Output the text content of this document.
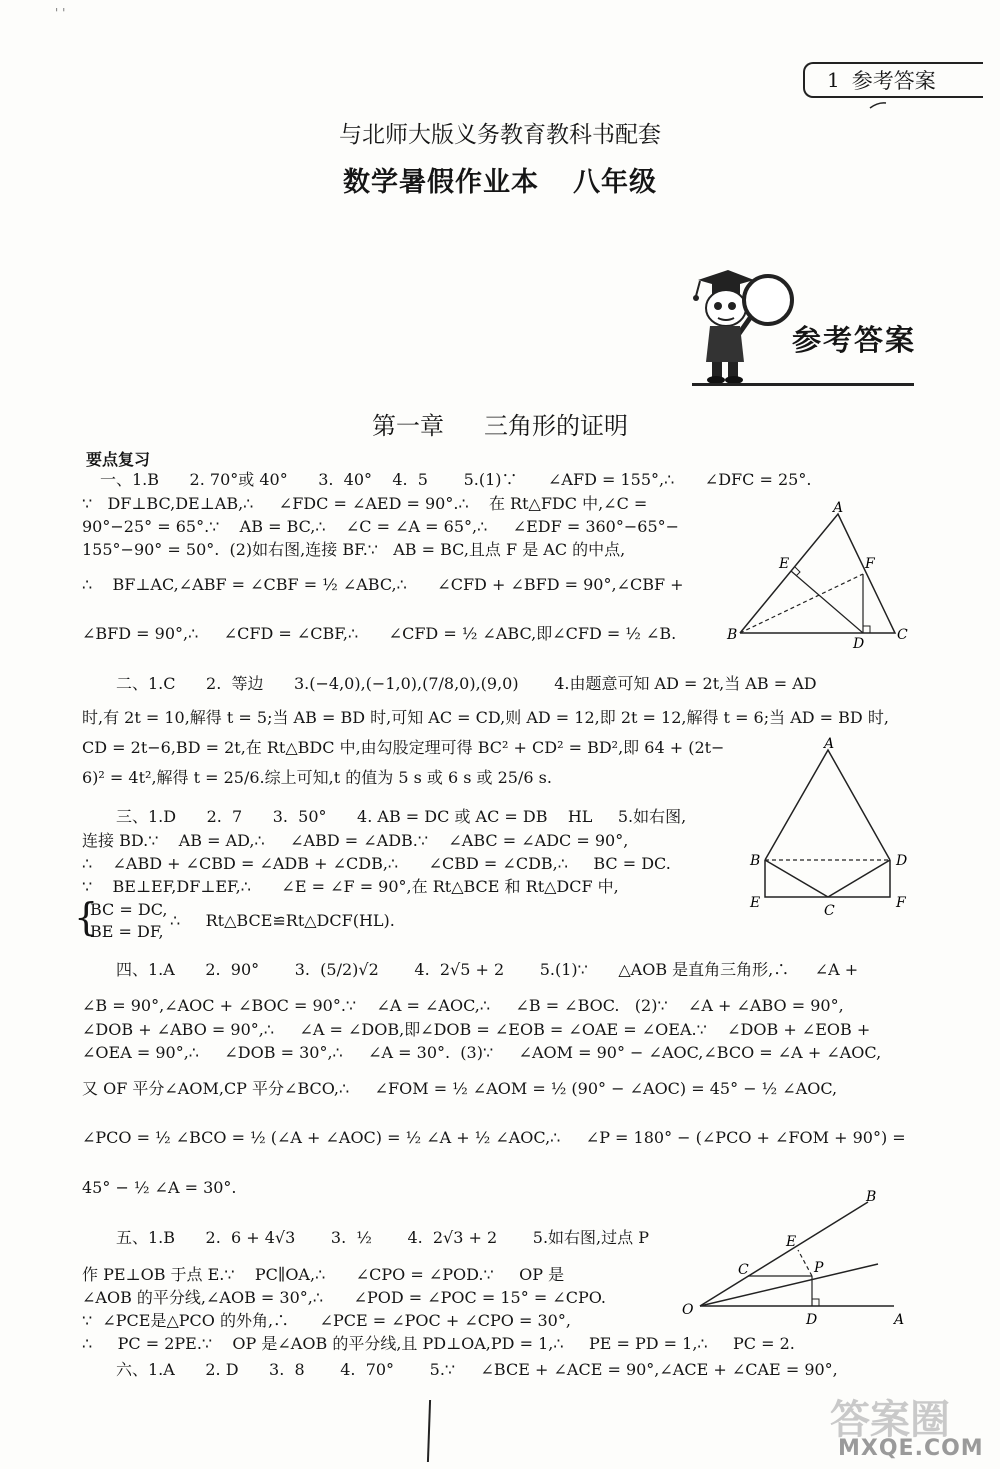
' '
1 参考答案
与北师大版义务教育教科书配套
数学暑假作业本 八年级
参考答案
第一章 三角形的证明
要点复习
一、1.B      2. 70°或 40°      3.  40°    4.  5       5.(1)∵      ∠AFD = 155°,∴      ∠DFC = 25°.
∵   DF⊥BC,DE⊥AB,∴     ∠FDC = ∠AED = 90°.∴    在 Rt△FDC 中,∠C =
90°−25° = 65°.∵    AB = BC,∴    ∠C = ∠A = 65°,∴     ∠EDF = 360°−65°−
155°−90° = 50°.  (2)如右图,连接 BF.∵   AB = BC,且点 F 是 AC 的中点,
∴    BF⊥AC,∠ABF = ∠CBF = ½ ∠ABC,∴      ∠CFD + ∠BFD = 90°,∠CBF +
∠BFD = 90°,∴     ∠CFD = ∠CBF,∴      ∠CFD = ½ ∠ABC,即∠CFD = ½ ∠B.
二、1.C      2.  等边      3.(−4,0),(−1,0),(7/8,0),(9,0)       4.由题意可知 AD = 2t,当 AB = AD
时,有 2t = 10,解得 t = 5;当 AB = BD 时,可知 AC = CD,则 AD = 12,即 2t = 12,解得 t = 6;当 AD = BD 时,
CD = 2t−6,BD = 2t,在 Rt△BDC 中,由勾股定理可得 BC² + CD² = BD²,即 64 + (2t−
6)² = 4t²,解得 t = 25/6.综上可知,t 的值为 5 s 或 6 s 或 25/6 s.
三、1.D      2.  7      3.  50°      4. AB = DC 或 AC = DB    HL     5.如右图,
连接 BD.∵    AB = AD,∴     ∠ABD = ∠ADB.∵    ∠ABC = ∠ADC = 90°,
∴    ∠ABD + ∠CBD = ∠ADB + ∠CDB,∴      ∠CBD = ∠CDB,∴     BC = DC.
∵    BE⊥EF,DF⊥EF,∴      ∠E = ∠F = 90°,在 Rt△BCE 和 Rt△DCF 中,
{
BC = DC,
BE = DF,
∴     Rt△BCE≌Rt△DCF(HL).
四、1.A      2.  90°       3.  (5/2)√2       4.  2√5 + 2       5.(1)∵      △AOB 是直角三角形,∴     ∠A +
∠B = 90°,∠AOC + ∠BOC = 90°.∵    ∠A = ∠AOC,∴     ∠B = ∠BOC.   (2)∵    ∠A + ∠ABO = 90°,
∠DOB + ∠ABO = 90°,∴     ∠A = ∠DOB,即∠DOB = ∠EOB = ∠OAE = ∠OEA.∵    ∠DOB + ∠EOB +
∠OEA = 90°,∴     ∠DOB = 30°,∴     ∠A = 30°.  (3)∵     ∠AOM = 90° − ∠AOC,∠BCO = ∠A + ∠AOC,
又 OF 平分∠AOM,CP 平分∠BCO,∴     ∠FOM = ½ ∠AOM = ½ (90° − ∠AOC) = 45° − ½ ∠AOC,
∠PCO = ½ ∠BCO = ½ (∠A + ∠AOC) = ½ ∠A + ½ ∠AOC,∴     ∠P = 180° − (∠PCO + ∠FOM + 90°) =
45° − ½ ∠A = 30°.
五、1.B      2.  6 + 4√3       3.  ½       4.  2√3 + 2       5.如右图,过点 P
作 PE⊥OB 于点 E.∵    PC∥OA,∴      ∠CPO = ∠POD.∵     OP 是
∠AOB 的平分线,∠AOB = 30°,∴      ∠POD = ∠POC = 15° = ∠CPO.
∵  ∠PCE是△PCO 的外角,∴      ∠PCE = ∠POC + ∠CPO = 30°,
∴     PC = 2PE.∵    OP 是∠AOB 的平分线,且 PD⊥OA,PD = 1,∴     PE = PD = 1,∴     PC = 2.
六、1.A      2. D      3.  8       4.  70°       5.∵     ∠BCE + ∠ACE = 90°,∠ACE + ∠CAE = 90°,
A
E	F
B
D
C
A
B	D
E	C	F
B
E
C	P
O
D	A
答案圈
MXQE.COM
